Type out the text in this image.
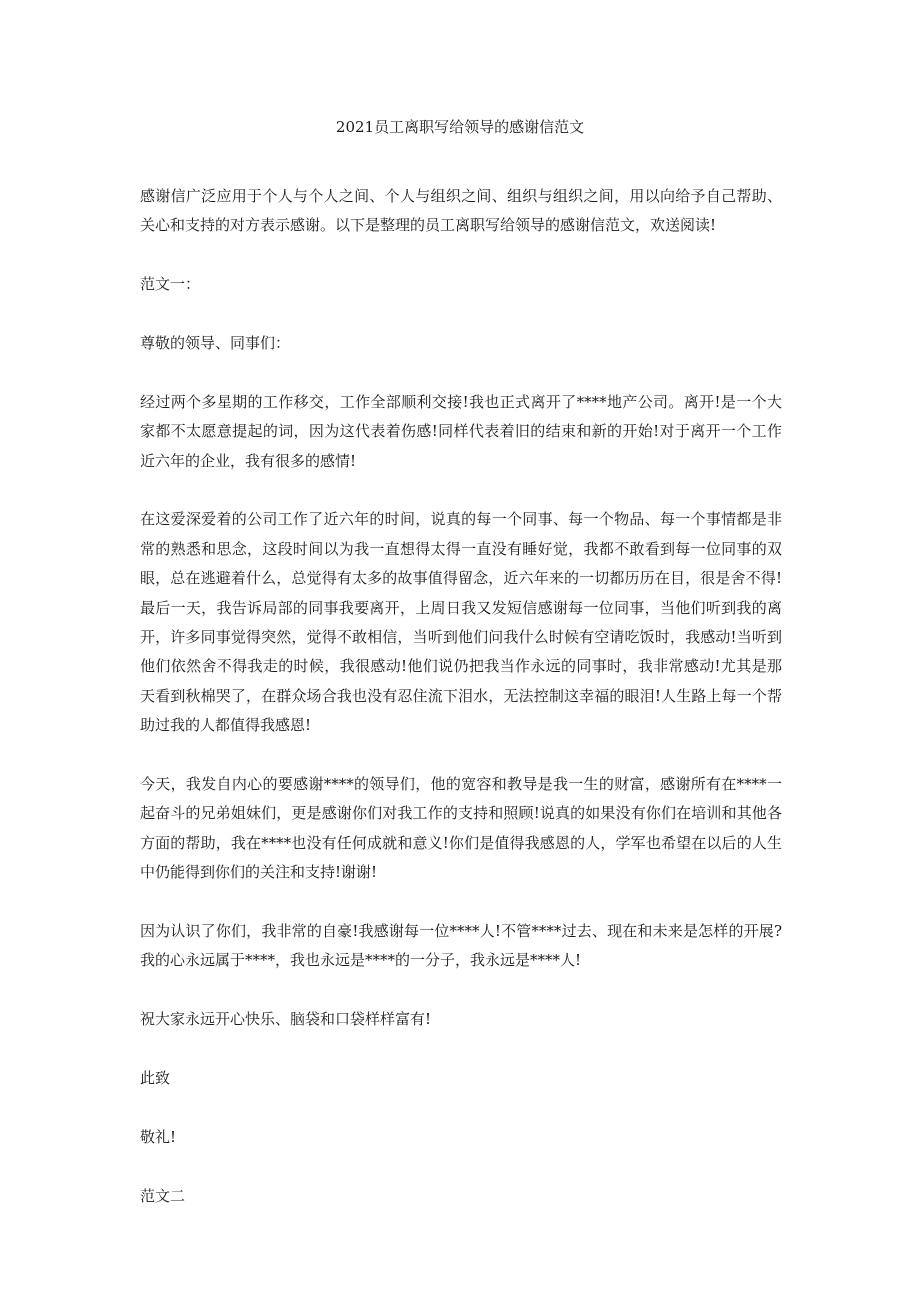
2021员工离职写给领导的感谢信范文

感谢信广泛应用于个人与个人之间、个人与组织之间、组织与组织之间，用以向给予自己帮助、关心和支持的对方表示感谢。以下是整理的员工离职写给领导的感谢信范文，欢送阅读!

范文一：

尊敬的领导、同事们：

经过两个多星期的工作移交，工作全部顺利交接!我也正式离开了****地产公司。离开!是一个大家都不太愿意提起的词，因为这代表着伤感!同样代表着旧的结束和新的开始!对于离开一个工作近六年的企业，我有很多的感情!

在这爱深爱着的公司工作了近六年的时间，说真的每一个同事、每一个物品、每一个事情都是非常的熟悉和思念，这段时间以为我一直想得太得一直没有睡好觉，我都不敢看到每一位同事的双眼，总在逃避着什么，总觉得有太多的故事值得留念，近六年来的一切都历历在目，很是舍不得!最后一天，我告诉局部的同事我要离开，上周日我又发短信感谢每一位同事，当他们听到我的离开，许多同事觉得突然，觉得不敢相信，当听到他们问我什么时候有空请吃饭时，我感动!当听到他们依然舍不得我走的时候，我很感动!他们说仍把我当作永远的同事时，我非常感动!尤其是那天看到秋棉哭了，在群众场合我也没有忍住流下泪水，无法控制这幸福的眼泪!人生路上每一个帮助过我的人都值得我感恩!

今天，我发自内心的要感谢****的领导们，他的宽容和教导是我一生的财富，感谢所有在****一起奋斗的兄弟姐妹们，更是感谢你们对我工作的支持和照顾!说真的如果没有你们在培训和其他各方面的帮助，我在****也没有任何成就和意义!你们是值得我感恩的人，学军也希望在以后的人生中仍能得到你们的关注和支持!谢谢!

因为认识了你们，我非常的自豪!我感谢每一位****人!不管****过去、现在和未来是怎样的开展?我的心永远属于****，我也永远是****的一分子，我永远是****人!

祝大家永远开心快乐、脑袋和口袋样样富有!

此致

敬礼!

范文二
